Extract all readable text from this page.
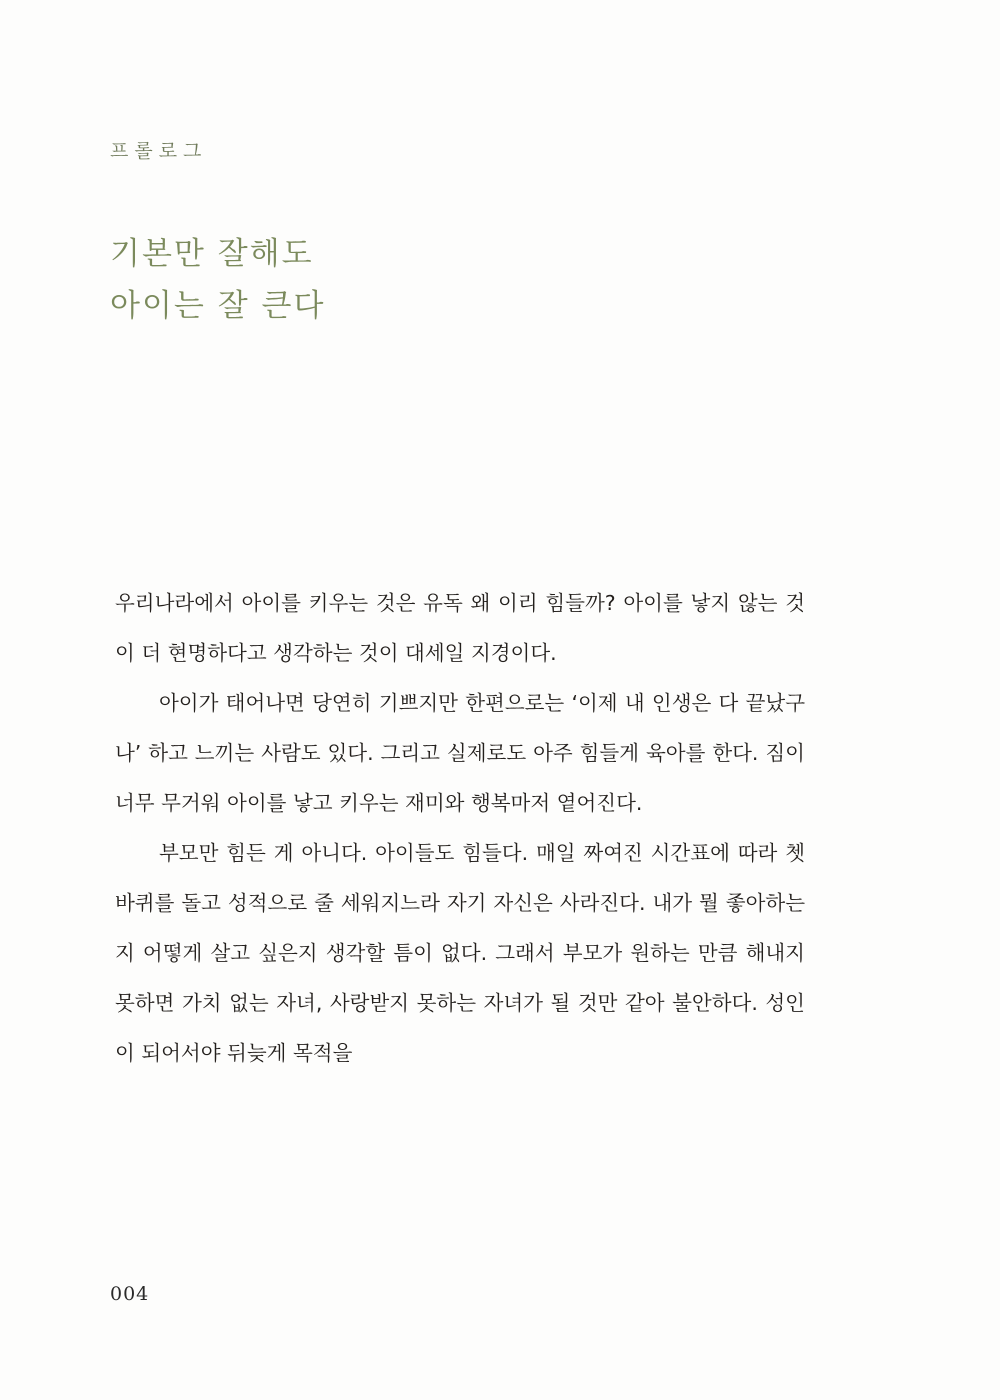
프롤로그
기본만 잘해도
아이는 잘 큰다

우리나라에서 아이를 키우는 것은 유독 왜 이리 힘들까? 아이를 낳지 않는 것이 더 현명하다고 생각하는 것이 대세일 지경이다.

아이가 태어나면 당연히 기쁘지만 한편으로는 ‘이제 내 인생은 다 끝났구나’ 하고 느끼는 사람도 있다. 그리고 실제로도 아주 힘들게 육아를 한다. 짐이 너무 무거워 아이를 낳고 키우는 재미와 행복마저 옅어진다.

부모만 힘든 게 아니다. 아이들도 힘들다. 매일 짜여진 시간표에 따라 쳇바퀴를 돌고 성적으로 줄 세워지느라 자기 자신은 사라진다. 내가 뭘 좋아하는지 어떻게 살고 싶은지 생각할 틈이 없다. 그래서 부모가 원하는 만큼 해내지 못하면 가치 없는 자녀, 사랑받지 못하는 자녀가 될 것만 같아 불안하다. 성인이 되어서야 뒤늦게 목적을

004
